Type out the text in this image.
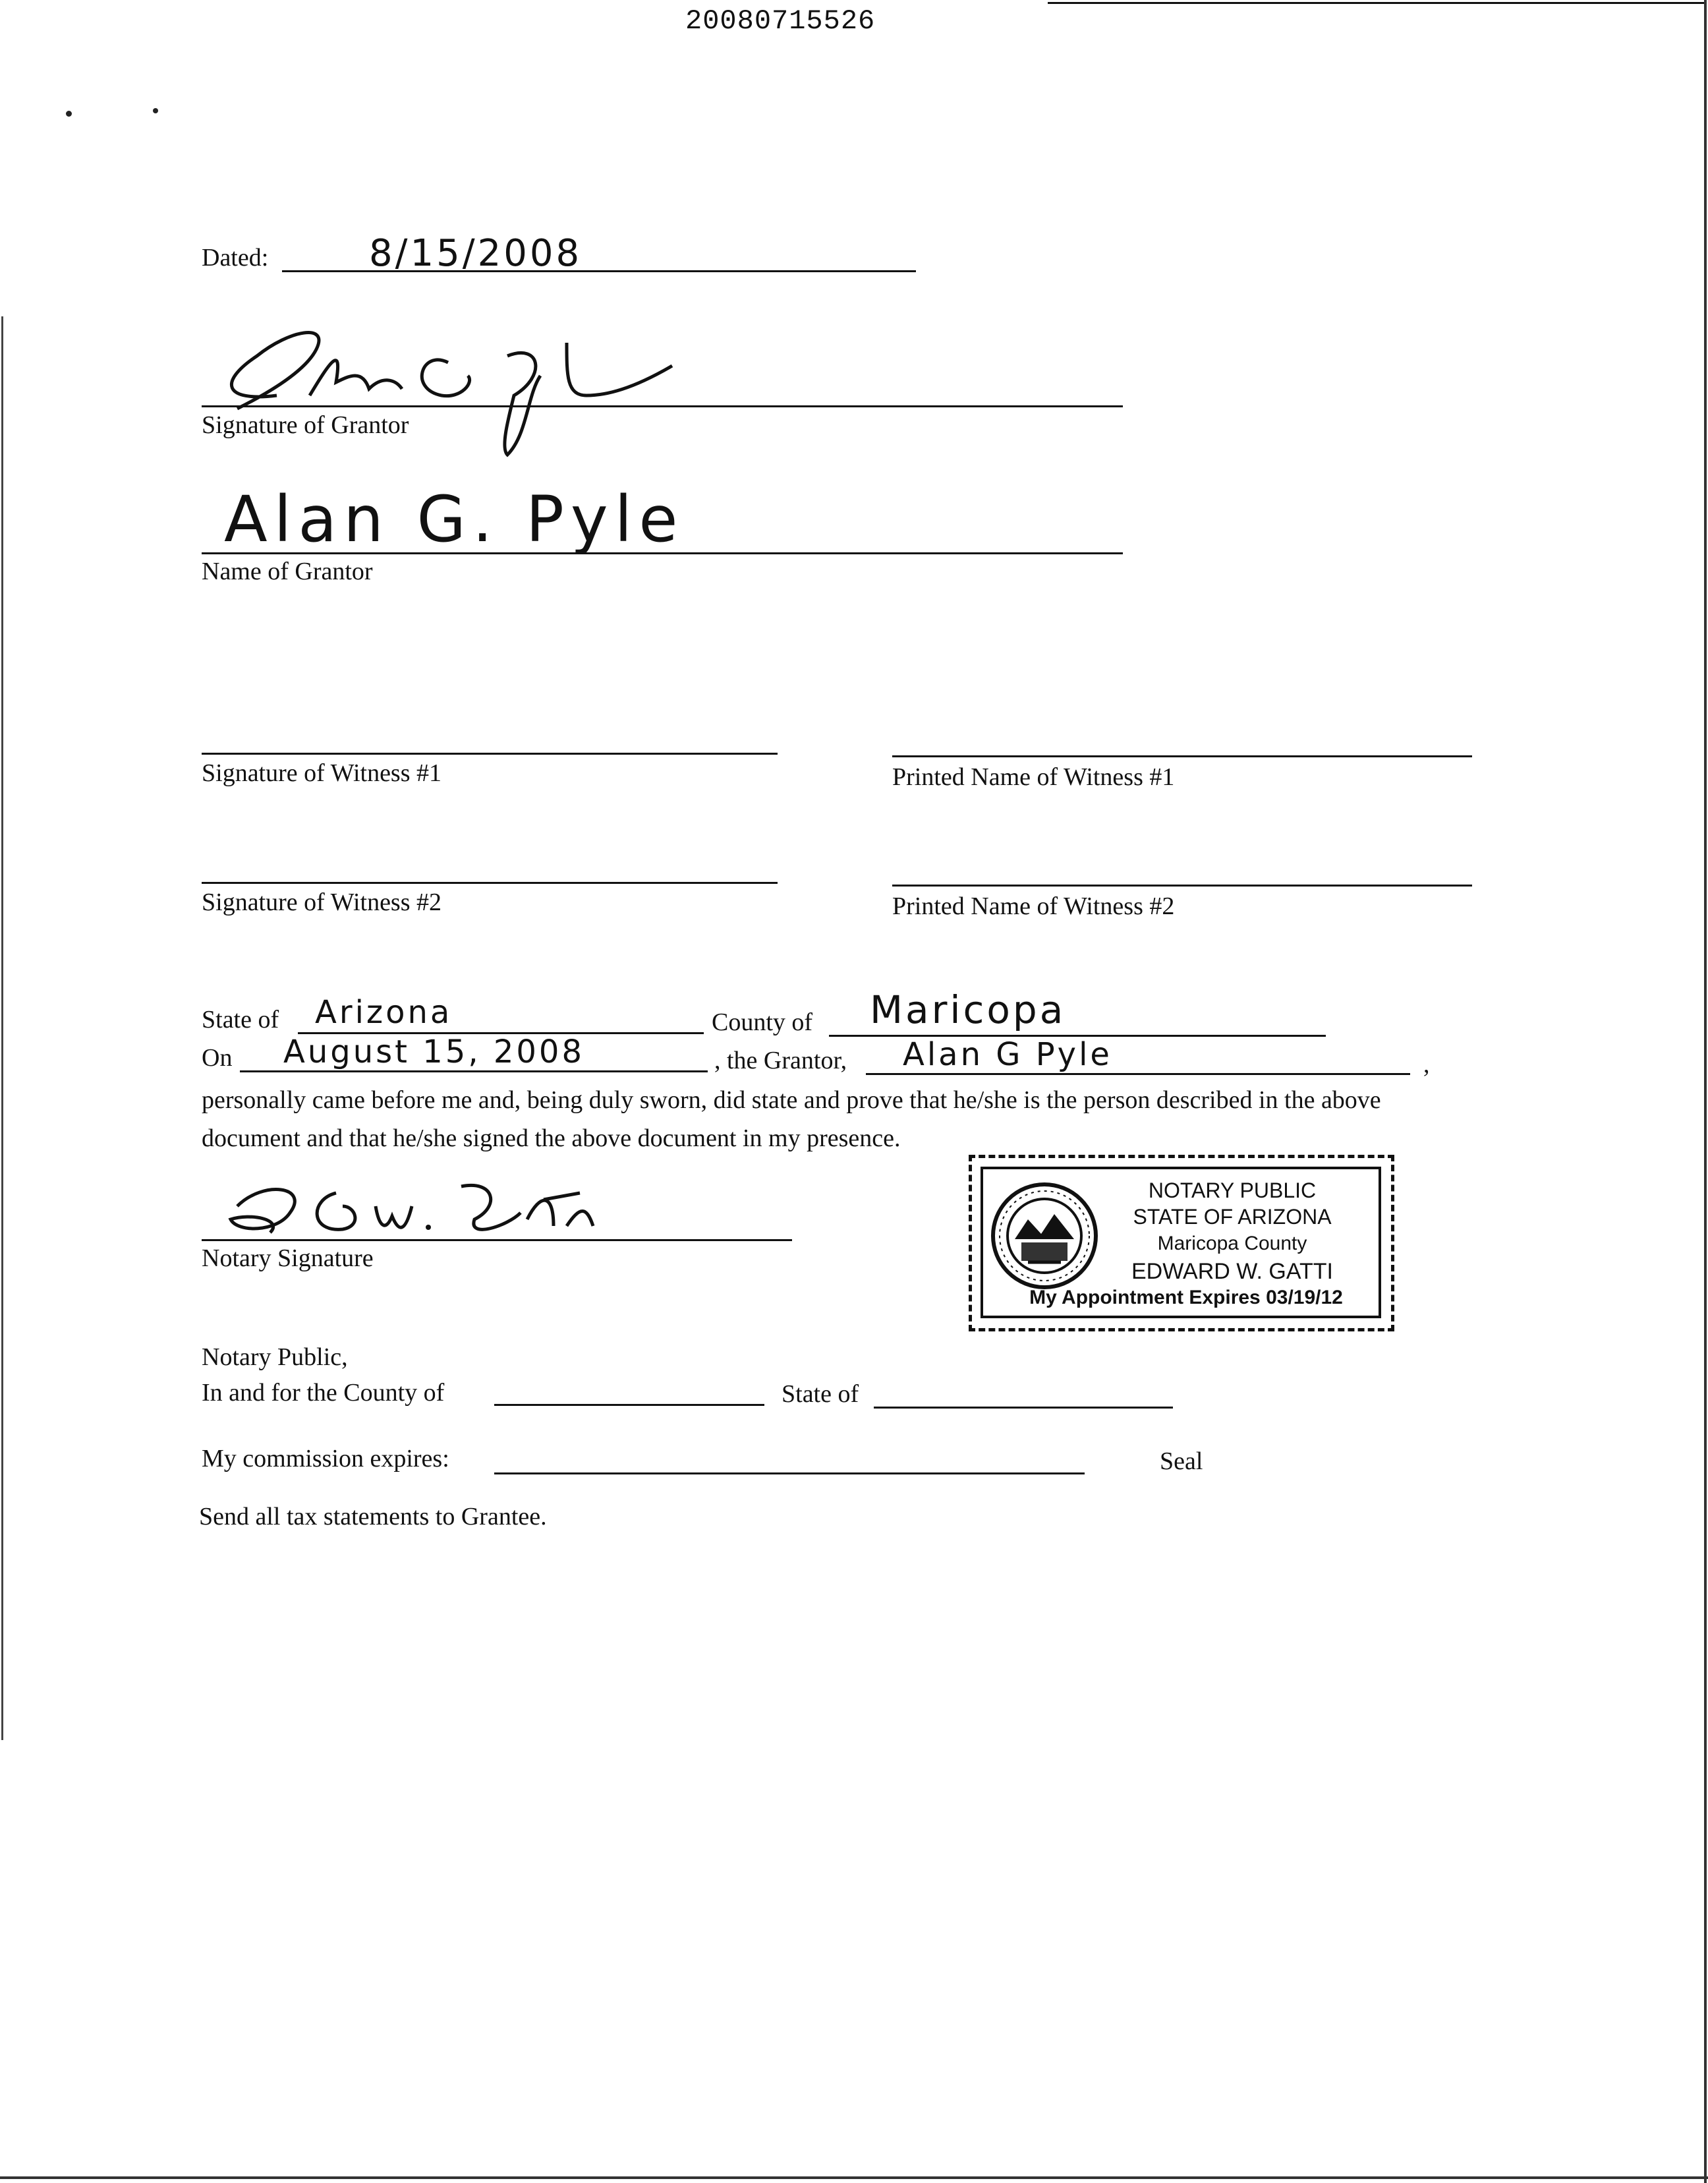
20080715526
Dated:	8/15/2008
Signature of Grantor
Alan G. Pyle
Name of Grantor
Signature of Witness #1	Printed Name of Witness #1
Signature of Witness #2	Printed Name of Witness #2
State of Arizona	County of Maricopa
On August 15, 2008	, the Grantor, Alan G Pyle	,
personally came before me and, being duly sworn, did state and prove that he/she is the person described in the above
document and that he/she signed the above document in my presence.
Notary Signature
NOTARY PUBLIC
STATE OF ARIZONA
Maricopa County
EDWARD W. GATTI
My Appointment Expires 03/19/12
Notary Public,
In and for the County of	State of
My commission expires:	Seal
Send all tax statements to Grantee.
